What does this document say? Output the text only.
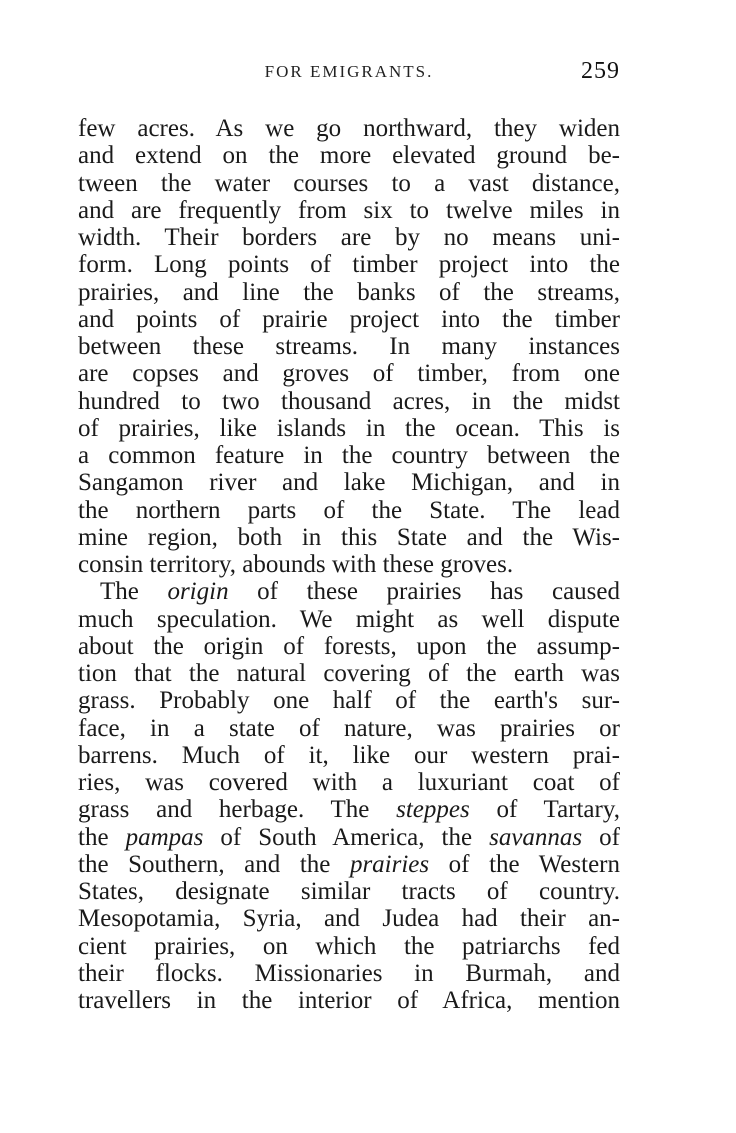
FOR EMIGRANTS.	259
few acres. As we go northward, they widen
and extend on the more elevated ground be-
tween the water courses to a vast distance,
and are frequently from six to twelve miles in
width. Their borders are by no means uni-
form. Long points of timber project into the
prairies, and line the banks of the streams,
and points of prairie project into the timber
between these streams. In many instances
are copses and groves of timber, from one
hundred to two thousand acres, in the midst
of prairies, like islands in the ocean. This is
a common feature in the country between the
Sangamon river and lake Michigan, and in
the northern parts of the State. The lead
mine region, both in this State and the Wis-
consin territory, abounds with these groves.
The origin of these prairies has caused
much speculation. We might as well dispute
about the origin of forests, upon the assump-
tion that the natural covering of the earth was
grass. Probably one half of the earth's sur-
face, in a state of nature, was prairies or
barrens. Much of it, like our western prai-
ries, was covered with a luxuriant coat of
grass and herbage. The steppes of Tartary,
the pampas of South America, the savannas of
the Southern, and the prairies of the Western
States, designate similar tracts of country.
Mesopotamia, Syria, and Judea had their an-
cient prairies, on which the patriarchs fed
their flocks. Missionaries in Burmah, and
travellers in the interior of Africa, mention
